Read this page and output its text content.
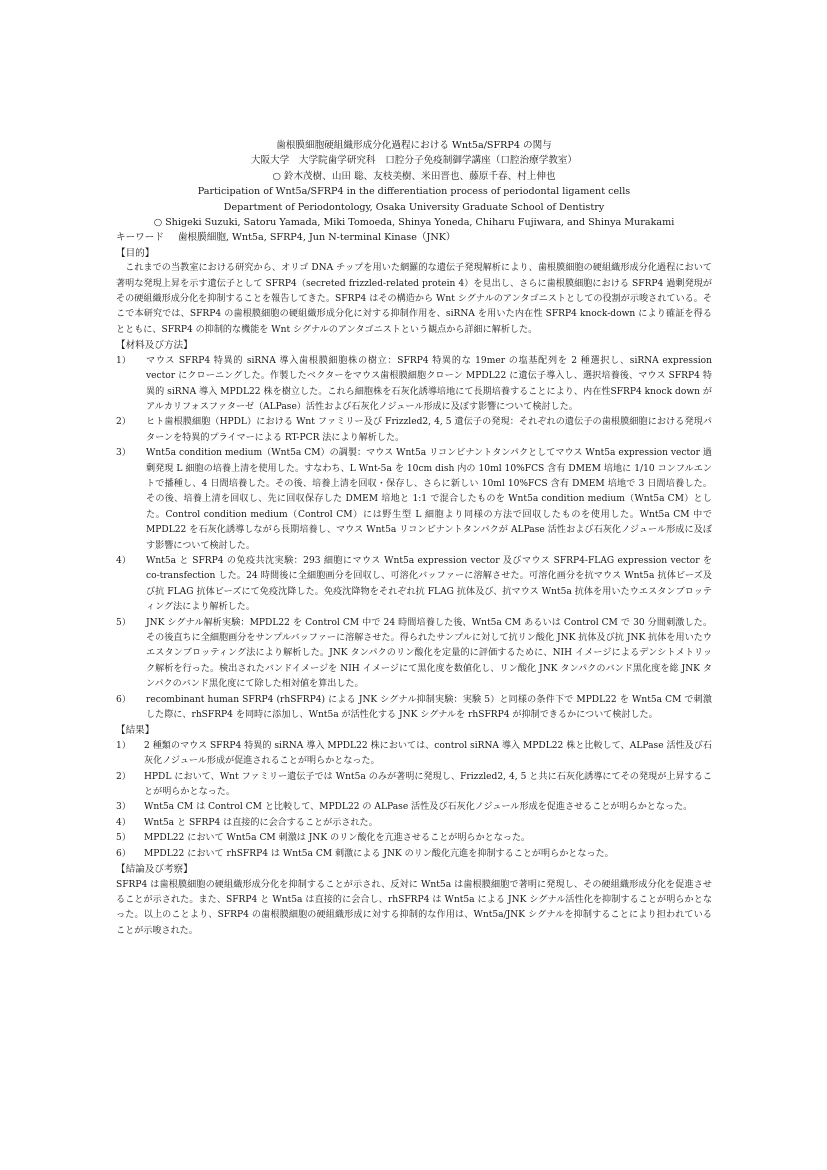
歯根膜細胞硬組織形成分化過程における Wnt5a/SFRP4 の関与
大阪大学　大学院歯学研究科　口腔分子免疫制御学講座（口腔治療学教室）
○ 鈴木茂樹、山田 聡、友枝美樹、米田晋也、藤原千春、村上伸也
Participation of Wnt5a/SFRP4 in the differentiation process of periodontal ligament cells
Department of Periodontology, Osaka University Graduate School of Dentistry
○ Shigeki Suzuki, Satoru Yamada, Miki Tomoeda, Shinya Yoneda, Chiharu Fujiwara, and Shinya Murakami
キーワード 歯根膜細胞, Wnt5a, SFRP4, Jun N-terminal Kinase（JNK）
【目的】

これまでの当教室における研究から、オリゴ DNA チップを用いた網羅的な遺伝子発現解析により、歯根膜細胞の硬組織形成分化過程において著明な発現上昇を示す遺伝子として SFRP4（secreted frizzled-related protein 4）を見出し、さらに歯根膜細胞における SFRP4 過剰発現がその硬組織形成分化を抑制することを報告してきた。SFRP4 はその構造から Wnt シグナルのアンタゴニストとしての役割が示唆されている。そこで本研究では、SFRP4 の歯根膜細胞の硬組織形成分化に対する抑制作用を、siRNA を用いた内在性 SFRP4 knock-down により確証を得るとともに、SFRP4 の抑制的な機能を Wnt シグナルのアンタゴニストという観点から詳細に解析した。

【材料及び方法】
1）	マウス SFRP4 特異的 siRNA 導入歯根膜細胞株の樹立：SFRP4 特異的な 19mer の塩基配列を 2 種選択し、siRNA expression vector にクローニングした。作製したベクターをマウス歯根膜細胞クローン MPDL22 に遺伝子導入し、選択培養後、マウス SFRP4 特異的 siRNA 導入 MPDL22 株を樹立した。これら細胞株を石灰化誘導培地にて長期培養することにより、内在性SFRP4 knock down がアルカリフォスファターゼ（ALPase）活性および石灰化ノジュール形成に及ぼす影響について検討した。
2）	ヒト歯根膜細胞（HPDL）における Wnt ファミリー及び Frizzled2, 4, 5 遺伝子の発現：それぞれの遺伝子の歯根膜細胞における発現パターンを特異的プライマーによる RT-PCR 法により解析した。
3）	Wnt5a condition medium（Wnt5a CM）の調製：マウス Wnt5a リコンビナントタンパクとしてマウス Wnt5a expression vector 過剰発現 L 細胞の培養上清を使用した。すなわち、L Wnt-5a を 10cm dish 内の 10ml 10%FCS 含有 DMEM 培地に 1/10 コンフルエントで播種し、4 日間培養した。その後、培養上清を回収・保存し、さらに新しい 10ml 10%FCS 含有 DMEM 培地で 3 日間培養した。その後、培養上清を回収し、先に回収保存した DMEM 培地と 1:1 で混合したものを Wnt5a condition medium（Wnt5a CM）とした。Control condition medium（Control CM）には野生型 L 細胞より同様の方法で回収したものを使用した。Wnt5a CM 中で MPDL22 を石灰化誘導しながら長期培養し、マウス Wnt5a リコンビナントタンパクが ALPase 活性および石灰化ノジュール形成に及ぼす影響について検討した。
4）	Wnt5a と SFRP4 の免疫共沈実験：293 細胞にマウス Wnt5a expression vector 及びマウス SFRP4-FLAG expression vector を co-transfection した。24 時間後に全細胞画分を回収し、可溶化バッファーに溶解させた。可溶化画分を抗マウス Wnt5a 抗体ビーズ及び抗 FLAG 抗体ビーズにて免疫沈降した。免疫沈降物をそれぞれ抗 FLAG 抗体及び、抗マウス Wnt5a 抗体を用いたウエスタンブロッティング法により解析した。
5）	JNK シグナル解析実験：MPDL22 を Control CM 中で 24 時間培養した後、Wnt5a CM あるいは Control CM で 30 分間刺激した。その後直ちに全細胞画分をサンプルバッファーに溶解させた。得られたサンプルに対して抗リン酸化 JNK 抗体及び抗 JNK 抗体を用いたウエスタンブロッティング法により解析した。JNK タンパクのリン酸化を定量的に評価するために、NIH イメージによるデンシトメトリック解析を行った。検出されたバンドイメージを NIH イメージにて黒化度を数値化し、リン酸化 JNK タンパクのバンド黒化度を総 JNK タンパクのバンド黒化度にて除した相対値を算出した。
6）	recombinant human SFRP4 (rhSFRP4) による JNK シグナル抑制実験：実験 5）と同様の条件下で MPDL22 を Wnt5a CM で刺激した際に、rhSFRP4 を同時に添加し、Wnt5a が活性化する JNK シグナルを rhSFRP4 が抑制できるかについて検討した。
【結果】
1）	2 種類のマウス SFRP4 特異的 siRNA 導入 MPDL22 株においては、control siRNA 導入 MPDL22 株と比較して、ALPase 活性及び石灰化ノジュール形成が促進されることが明らかとなった。
2）	HPDL において、Wnt ファミリー遺伝子では Wnt5a のみが著明に発現し、Frizzled2, 4, 5 と共に石灰化誘導にてその発現が上昇することが明らかとなった。
3）	Wnt5a CM は Control CM と比較して、MPDL22 の ALPase 活性及び石灰化ノジュール形成を促進させることが明らかとなった。
4）	Wnt5a と SFRP4 は直接的に会合することが示された。
5）	MPDL22 において Wnt5a CM 刺激は JNK のリン酸化を亢進させることが明らかとなった。
6）	MPDL22 において rhSFRP4 は Wnt5a CM 刺激による JNK のリン酸化亢進を抑制することが明らかとなった。
【結論及び考察】

SFRP4 は歯根膜細胞の硬組織形成分化を抑制することが示され、反対に Wnt5a は歯根膜細胞で著明に発現し、その硬組織形成分化を促進させることが示された。また、SFRP4 と Wnt5a は直接的に会合し、rhSFRP4 は Wnt5a による JNK シグナル活性化を抑制することが明らかとなった。以上のことより、SFRP4 の歯根膜細胞の硬組織形成に対する抑制的な作用は、Wnt5a/JNK シグナルを抑制することにより担われていることが示唆された。
